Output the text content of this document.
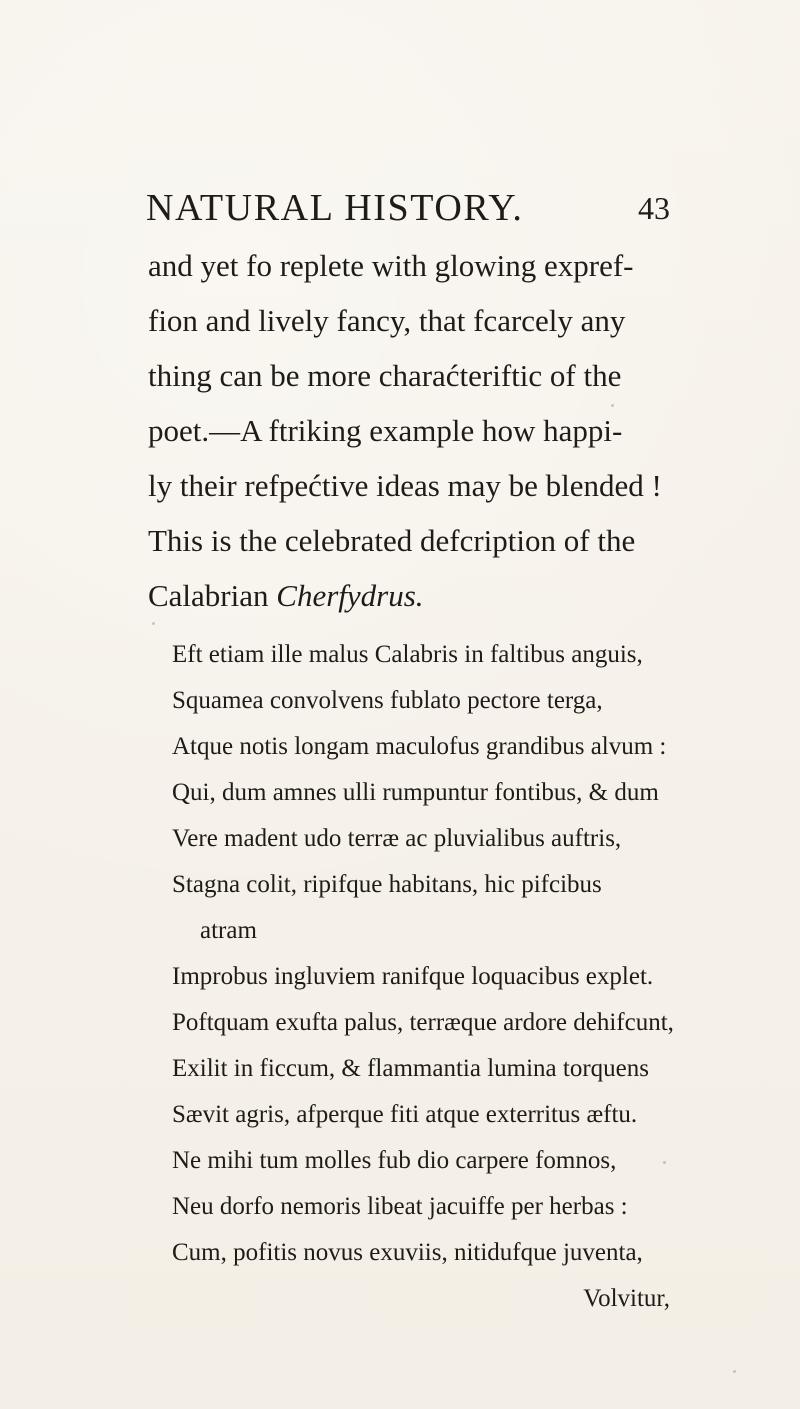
NATURAL HISTORY.	43
and yet fo replete with glowing expref-
fion and lively fancy, that fcarcely any
thing can be more charaćteriftic of the
poet.—A ftriking example how happi-
ly their refpećtive ideas may be blended !
This is the celebrated defcription of the
Calabrian Cherfydrus.
Eft etiam ille malus Calabris in faltibus anguis,
Squamea convolvens fublato pectore terga,
Atque notis longam maculofus grandibus alvum :
Qui, dum amnes ulli rumpuntur fontibus, & dum
Vere madent udo terræ ac pluvialibus auftris,
Stagna colit, ripifque habitans, hic pifcibus
atram
Improbus ingluviem ranifque loquacibus explet.
Poftquam exufta palus, terræque ardore dehifcunt,
Exilit in ficcum, & flammantia lumina torquens
Sævit agris, afperque fiti atque exterritus æftu.
Ne mihi tum molles fub dio carpere fomnos,
Neu dorfo nemoris libeat jacuiffe per herbas :
Cum, pofitis novus exuviis, nitidufque juventa,
Volvitur,
